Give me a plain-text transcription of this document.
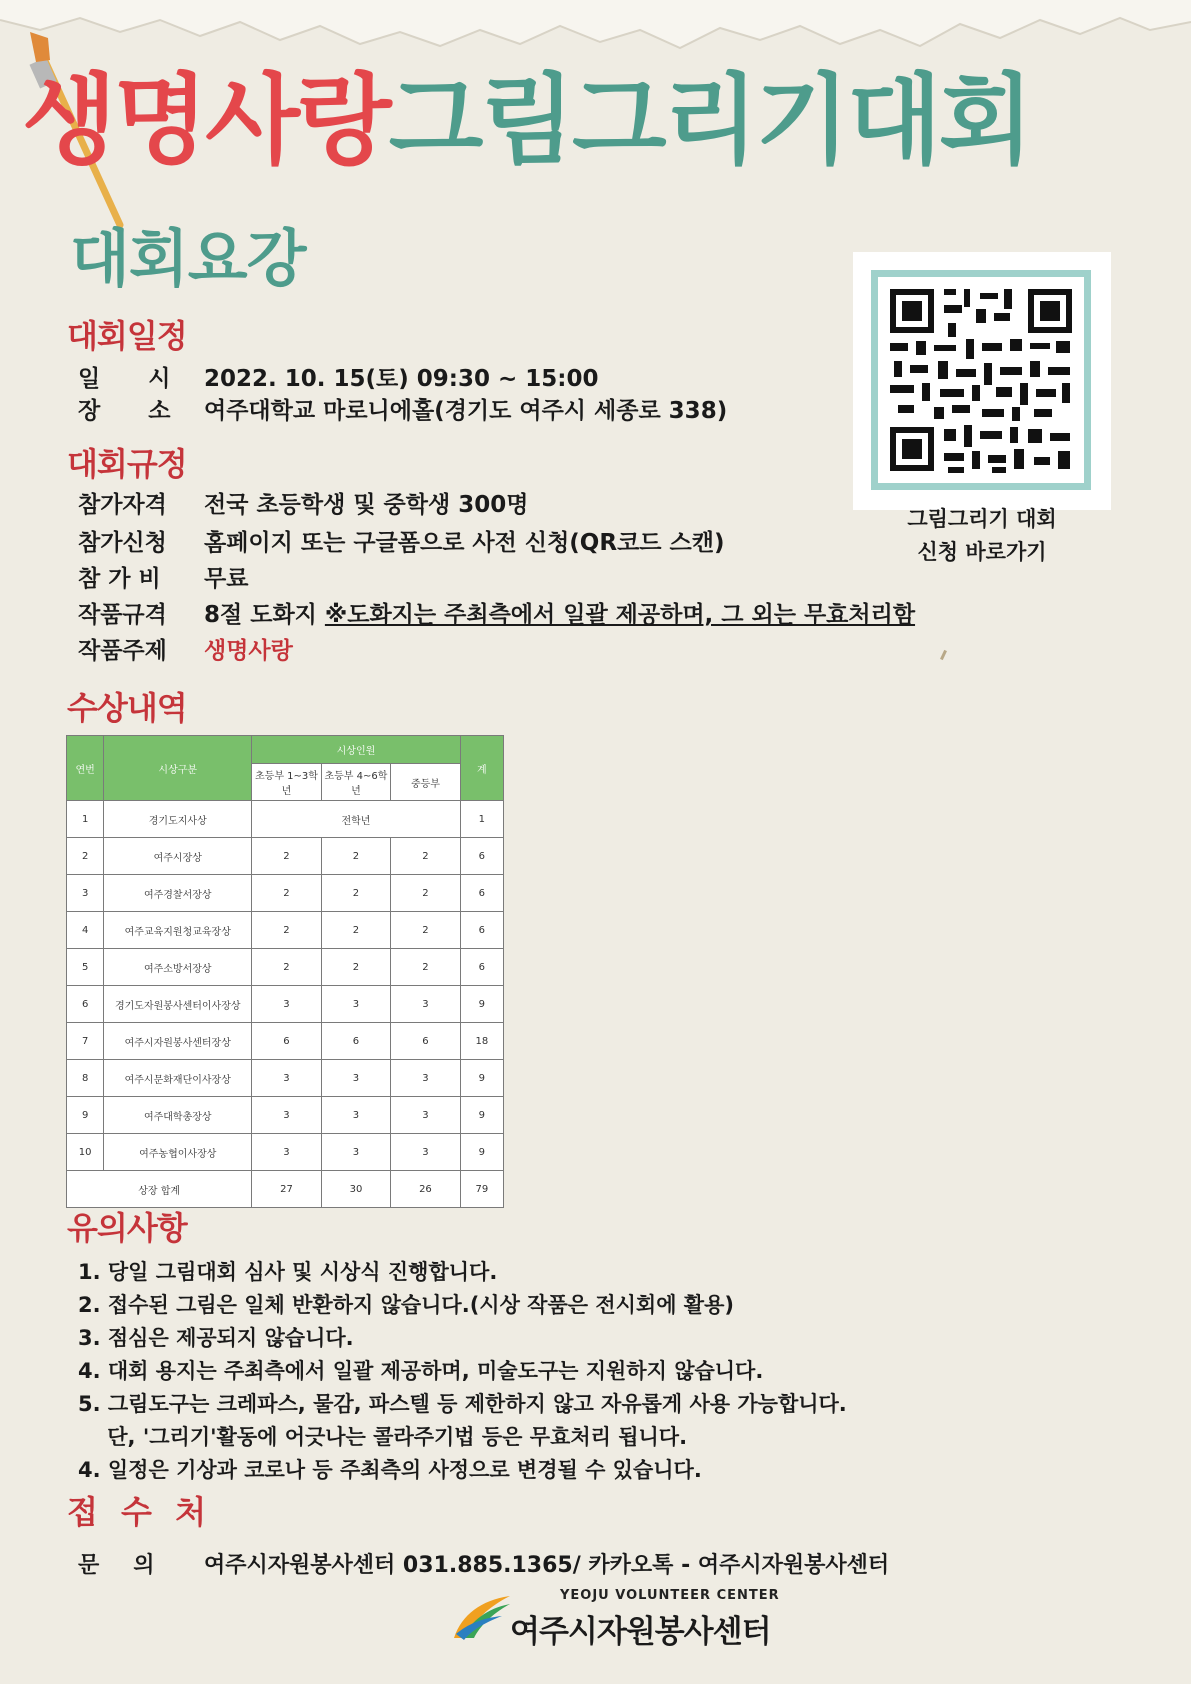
생명사랑그림그리기대회
대회요강
대회일정
일 시 2022. 10. 15(토) 09:30 ~ 15:00
장 소 여주대학교 마로니에홀(경기도 여주시 세종로 338)
대회규정
참가자격 전국 초등학생 및 중학생 300명
참가신청 홈페이지 또는 구글폼으로 사전 신청(QR코드 스캔)
참 가 비 무료
작품규격 8절 도화지 ※도화지는 주최측에서 일괄 제공하며, 그 외는 무효처리함
작품주제 생명사랑
그림그리기 대회
신청 바로가기
수상내역
연번	시상구분	시상인원			계
		초등부 1~3학년	초등부 4~6학년	중등부	
1	경기도지사상	전학년			1
2	여주시장상	2	2	2	6
3	여주경찰서장상	2	2	2	6
4	여주교육지원청교육장상	2	2	2	6
5	여주소방서장상	2	2	2	6
6	경기도자원봉사센터이사장상	3	3	3	9
7	여주시자원봉사센터장상	6	6	6	18
8	여주시문화재단이사장상	3	3	3	9
9	여주대학총장상	3	3	3	9
10	여주농협이사장상	3	3	3	9
상장 합계		27	30	26	79
유의사항
1. 당일 그림대회 심사 및 시상식 진행합니다.
2. 접수된 그림은 일체 반환하지 않습니다.(시상 작품은 전시회에 활용)
3. 점심은 제공되지 않습니다.
4. 대회 용지는 주최측에서 일괄 제공하며, 미술도구는 지원하지 않습니다.
5. 그림도구는 크레파스, 물감, 파스텔 등 제한하지 않고 자유롭게 사용 가능합니다.
단, '그리기'활동에 어긋나는 콜라주기법 등은 무효처리 됩니다.
4. 일정은 기상과 코로나 등 주최측의 사정으로 변경될 수 있습니다.
접 수 처
문의 여주시자원봉사센터 031.885.1365/ 카카오톡 - 여주시자원봉사센터
YEOJU VOLUNTEER CENTER
여주시자원봉사센터
